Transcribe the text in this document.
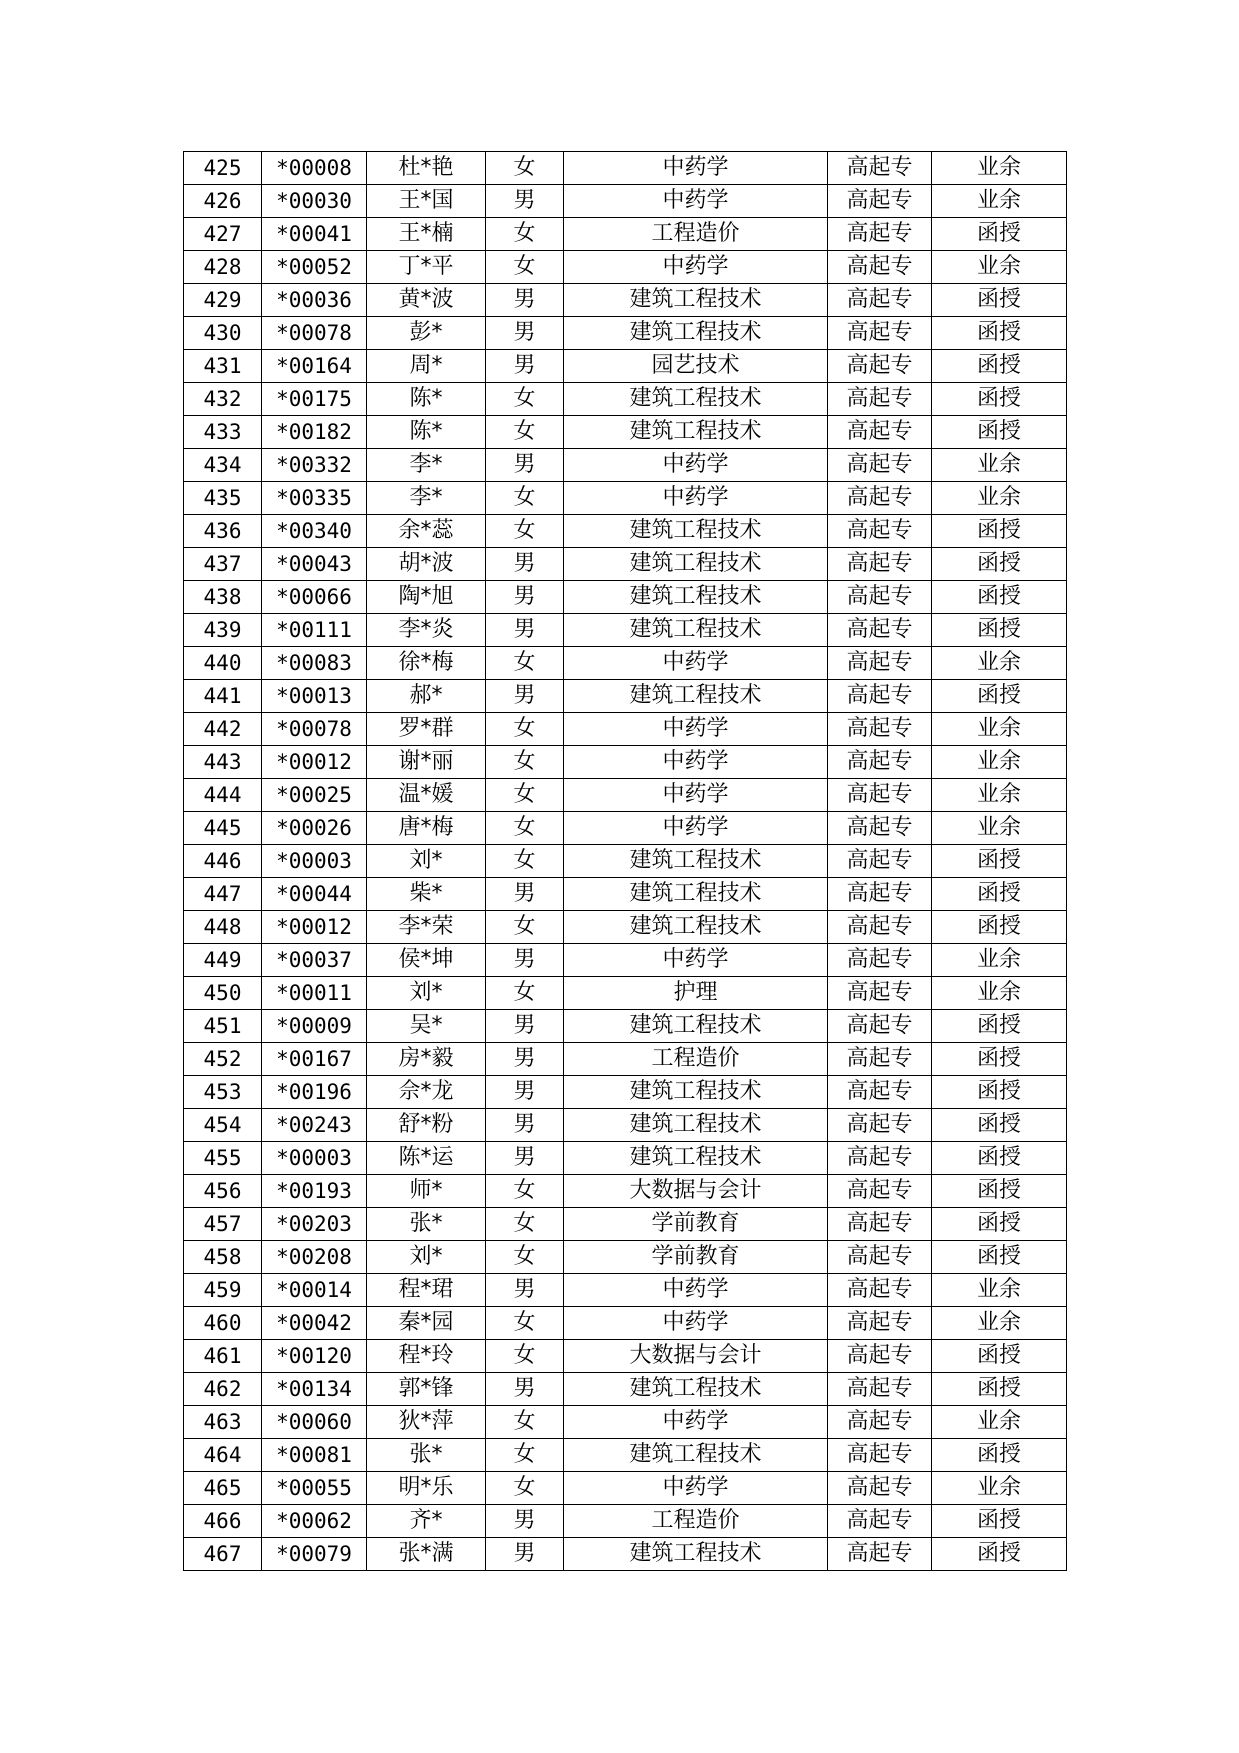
425	*00008	杜*艳	女	中药学	高起专	业余
426	*00030	王*国	男	中药学	高起专	业余
427	*00041	王*楠	女	工程造价	高起专	函授
428	*00052	丁*平	女	中药学	高起专	业余
429	*00036	黄*波	男	建筑工程技术	高起专	函授
430	*00078	彭*	男	建筑工程技术	高起专	函授
431	*00164	周*	男	园艺技术	高起专	函授
432	*00175	陈*	女	建筑工程技术	高起专	函授
433	*00182	陈*	女	建筑工程技术	高起专	函授
434	*00332	李*	男	中药学	高起专	业余
435	*00335	李*	女	中药学	高起专	业余
436	*00340	余*蕊	女	建筑工程技术	高起专	函授
437	*00043	胡*波	男	建筑工程技术	高起专	函授
438	*00066	陶*旭	男	建筑工程技术	高起专	函授
439	*00111	李*炎	男	建筑工程技术	高起专	函授
440	*00083	徐*梅	女	中药学	高起专	业余
441	*00013	郝*	男	建筑工程技术	高起专	函授
442	*00078	罗*群	女	中药学	高起专	业余
443	*00012	谢*丽	女	中药学	高起专	业余
444	*00025	温*媛	女	中药学	高起专	业余
445	*00026	唐*梅	女	中药学	高起专	业余
446	*00003	刘*	女	建筑工程技术	高起专	函授
447	*00044	柴*	男	建筑工程技术	高起专	函授
448	*00012	李*荣	女	建筑工程技术	高起专	函授
449	*00037	侯*坤	男	中药学	高起专	业余
450	*00011	刘*	女	护理	高起专	业余
451	*00009	吴*	男	建筑工程技术	高起专	函授
452	*00167	房*毅	男	工程造价	高起专	函授
453	*00196	佘*龙	男	建筑工程技术	高起专	函授
454	*00243	舒*粉	男	建筑工程技术	高起专	函授
455	*00003	陈*运	男	建筑工程技术	高起专	函授
456	*00193	师*	女	大数据与会计	高起专	函授
457	*00203	张*	女	学前教育	高起专	函授
458	*00208	刘*	女	学前教育	高起专	函授
459	*00014	程*珺	男	中药学	高起专	业余
460	*00042	秦*园	女	中药学	高起专	业余
461	*00120	程*玲	女	大数据与会计	高起专	函授
462	*00134	郭*锋	男	建筑工程技术	高起专	函授
463	*00060	狄*萍	女	中药学	高起专	业余
464	*00081	张*	女	建筑工程技术	高起专	函授
465	*00055	明*乐	女	中药学	高起专	业余
466	*00062	齐*	男	工程造价	高起专	函授
467	*00079	张*满	男	建筑工程技术	高起专	函授
